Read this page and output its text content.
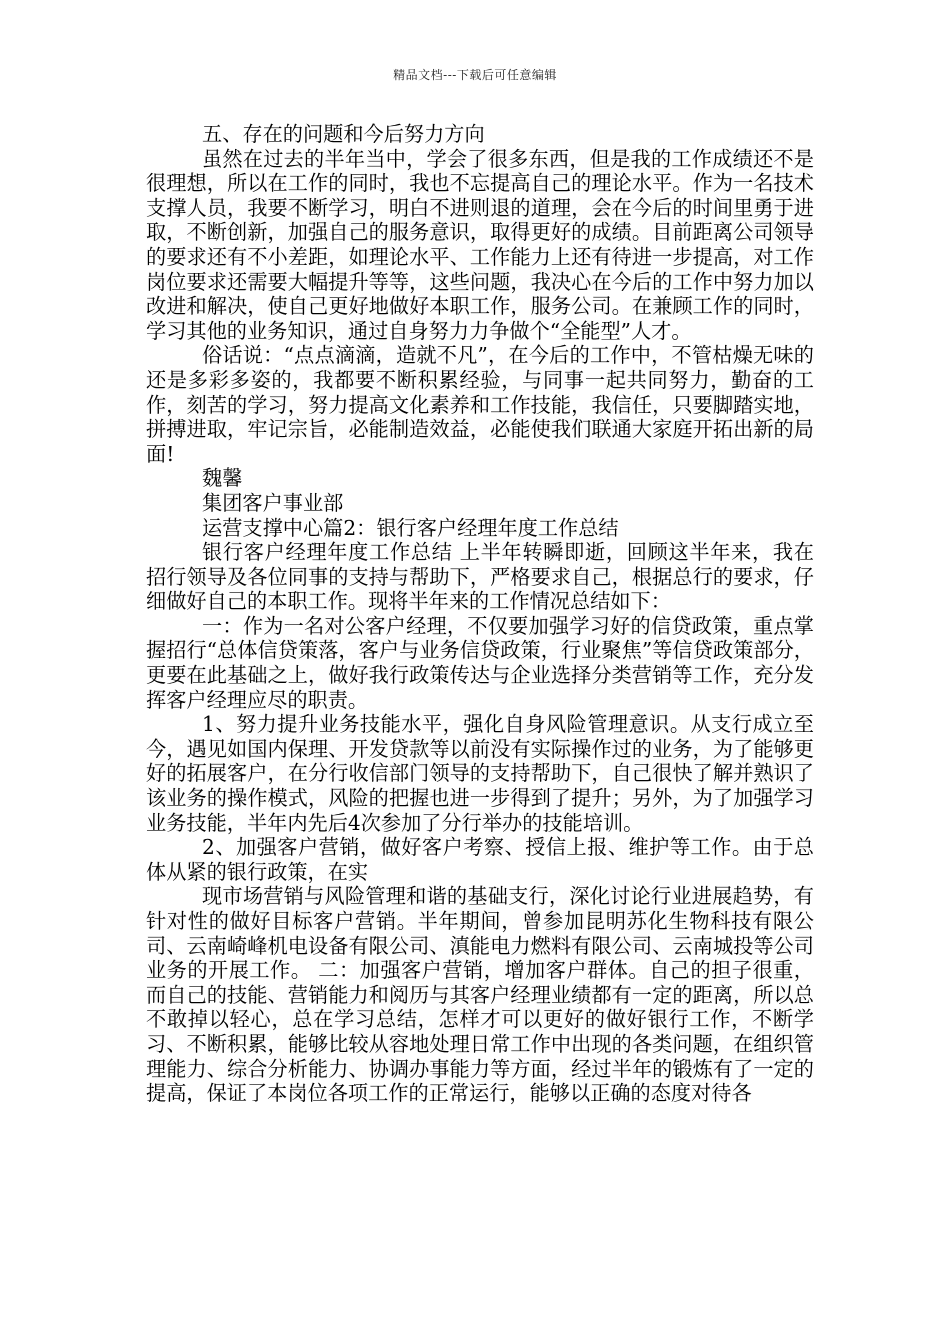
精品文档---下载后可任意编辑

五、存在的问题和今后努力方向

虽然在过去的半年当中，学会了很多东西，但是我的工作成绩还不是很理想，所以在工作的同时，我也不忘提高自己的理论水平。作为一名技术支撑人员，我要不断学习，明白不进则退的道理，会在今后的时间里勇于进取，不断创新，加强自己的服务意识，取得更好的成绩。目前距离公司领导的要求还有不小差距，如理论水平、工作能力上还有待进一步提高，对工作岗位要求还需要大幅提升等等，这些问题，我决心在今后的工作中努力加以改进和解决，使自己更好地做好本职工作，服务公司。在兼顾工作的同时，学习其他的业务知识，通过自身努力力争做个“全能型”人才。

俗话说：“点点滴滴，造就不凡”，在今后的工作中，不管枯燥无味的还是多彩多姿的，我都要不断积累经验，与同事一起共同努力，勤奋的工作，刻苦的学习，努力提高文化素养和工作技能，我信任，只要脚踏实地，拼搏进取，牢记宗旨，必能制造效益，必能使我们联通大家庭开拓出新的局面!

魏馨

集团客户事业部

运营支撑中心篇2：银行客户经理年度工作总结

银行客户经理年度工作总结 上半年转瞬即逝，回顾这半年来，我在招行领导及各位同事的支持与帮助下，严格要求自己，根据总行的要求，仔细做好自己的本职工作。现将半年来的工作情况总结如下：

一：作为一名对公客户经理，不仅要加强学习好的信贷政策，重点掌握招行“总体信贷策落，客户与业务信贷政策，行业聚焦”等信贷政策部分，更要在此基础之上，做好我行政策传达与企业选择分类营销等工作，充分发挥客户经理应尽的职责。

1、努力提升业务技能水平，强化自身风险管理意识。从支行成立至今，遇见如国内保理、开发贷款等以前没有实际操作过的业务，为了能够更好的拓展客户，在分行收信部门领导的支持帮助下，自己很快了解并熟识了该业务的操作模式，风险的把握也进一步得到了提升；另外，为了加强学习业务技能，半年内先后4次参加了分行举办的技能培训。

2、加强客户营销，做好客户考察、授信上报、维护等工作。由于总体从紧的银行政策，在实

现市场营销与风险管理和谐的基础支行，深化讨论行业进展趋势，有针对性的做好目标客户营销。半年期间，曾参加昆明苏化生物科技有限公司、云南崎峰机电设备有限公司、滇能电力燃料有限公司、云南城投等公司业务的开展工作。 二：加强客户营销，增加客户群体。自己的担子很重，而自己的技能、营销能力和阅历与其客户经理业绩都有一定的距离，所以总不敢掉以轻心，总在学习总结，怎样才可以更好的做好银行工作，不断学习、不断积累，能够比较从容地处理日常工作中出现的各类问题，在组织管理能力、综合分析能力、协调办事能力等方面，经过半年的锻炼有了一定的提高，保证了本岗位各项工作的正常运行，能够以正确的态度对待各
